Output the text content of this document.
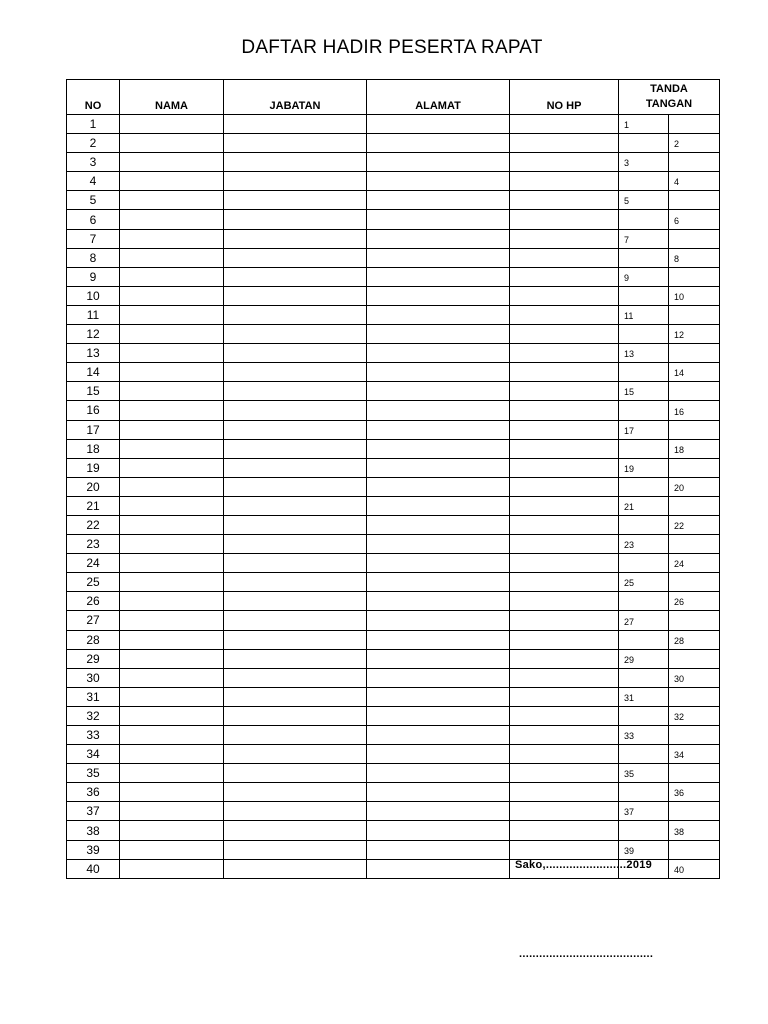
DAFTAR HADIR PESERTA RAPAT
NO	NAMA	JABATAN	ALAMAT	NO HP	TANDA
TANGAN	
1					1	
2						2
3					3	
4						4
5					5	
6						6
7					7	
8						8
9					9	
10						10
11					11	
12						12
13					13	
14						14
15					15	
16						16
17					17	
18						18
19					19	
20						20
21					21	
22						22
23					23	
24						24
25					25	
26						26
27					27	
28						28
29					29	
30						30
31					31	
32						32
33					33	
34						34
35					35	
36						36
37					37	
38						38
39					39	
40						40
Sako,........................2019
........................................
